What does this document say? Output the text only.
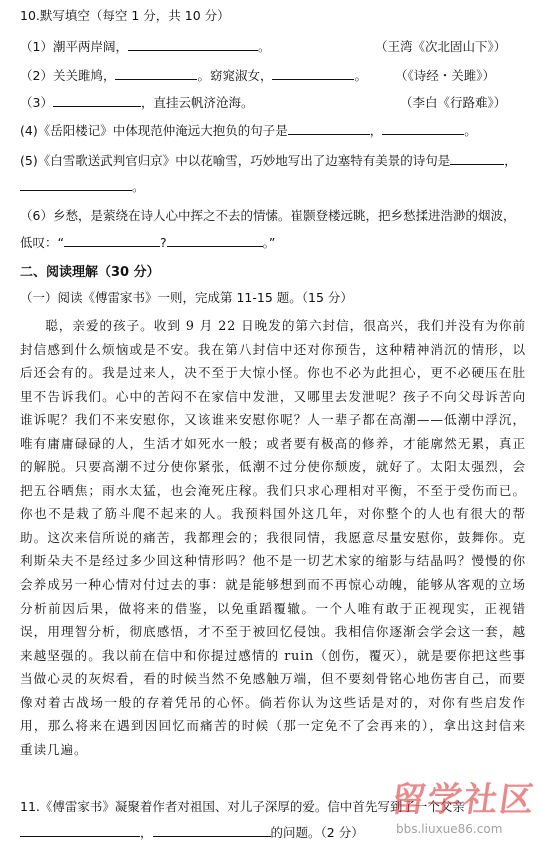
10.默写填空（每空 1 分，共 10 分）
（1）潮平两岸阔，	。	（王湾《次北固山下》）
（2）关关雎鸠，	。窈窕淑女，	。 （《诗经・关雎》）
（3）	，直挂云帆济沧海。	（李白《行路难》）
(4)《岳阳楼记》中体现范仲淹远大抱负的句子是	，	。
(5)《白雪歌送武判官归京》中以花喻雪，巧妙地写出了边塞特有美景的诗句是	，
。
（6）乡愁，是萦绕在诗人心中挥之不去的情愫。崔颢登楼远眺，把乡愁揉进浩渺的烟波，
低叹：“	?	。”
二、阅读理解（30 分）
（一）阅读《傅雷家书》一则，完成第 11-15 题。（15 分）

聪，亲爱的孩子。收到 9 月 22 日晚发的第六封信，很高兴，我们并没有为你前封信感到什么烦恼或是不安。我在第八封信中还对你预告，这种精神消沉的情形，以后还会有的。我是过来人，决不至于大惊小怪。你也不必为此担心，更不必硬压在肚里不告诉我们。心中的苦闷不在家信中发泄，又哪里去发泄呢？孩子不向父母诉苦向谁诉呢？我们不来安慰你，又该谁来安慰你呢？人一辈子都在高潮——低潮中浮沉，唯有庸庸碌碌的人，生活才如死水一般；或者要有极高的修养，才能廓然无累，真正的解脱。只要高潮不过分使你紧张，低潮不过分使你颓废，就好了。太阳太强烈，会把五谷晒焦；雨水太猛，也会淹死庄稼。我们只求心理相对平衡，不至于受伤而已。你也不是栽了筋斗爬不起来的人。我预料国外这几年，对你整个的人也有很大的帮助。这次来信所说的痛苦，我都理会的；我很同情，我愿意尽量安慰你，鼓舞你。克利斯朵夫不是经过多少回这种情形吗？他不是一切艺术家的缩影与结晶吗？慢慢的你会养成另一种心情对付过去的事：就是能够想到而不再惊心动魄，能够从客观的立场分析前因后果，做将来的借鉴，以免重蹈覆辙。一个人唯有敢于正视现实，正视错误，用理智分析，彻底感悟，才不至于被回忆侵蚀。我相信你逐渐会学会这一套，越来越坚强的。我以前在信中和你提过感情的 ruin（创伤，覆灭），就是要你把这些事当做心灵的灰烬看，看的时候当然不免感触万端，但不要刻骨铭心地伤害自己，而要像对着古战场一般的存着凭吊的心怀。倘若你认为这些话是对的，对你有些启发作用，那么将来在遇到因回忆而痛苦的时候（那一定免不了会再来的），拿出这封信来重读几遍。

11.《傅雷家书》凝聚着作者对祖国、对儿子深厚的爱。信中首先写到了一个父亲
，	的问题。（2 分）
留学社区
bbs.liuxue86.com
